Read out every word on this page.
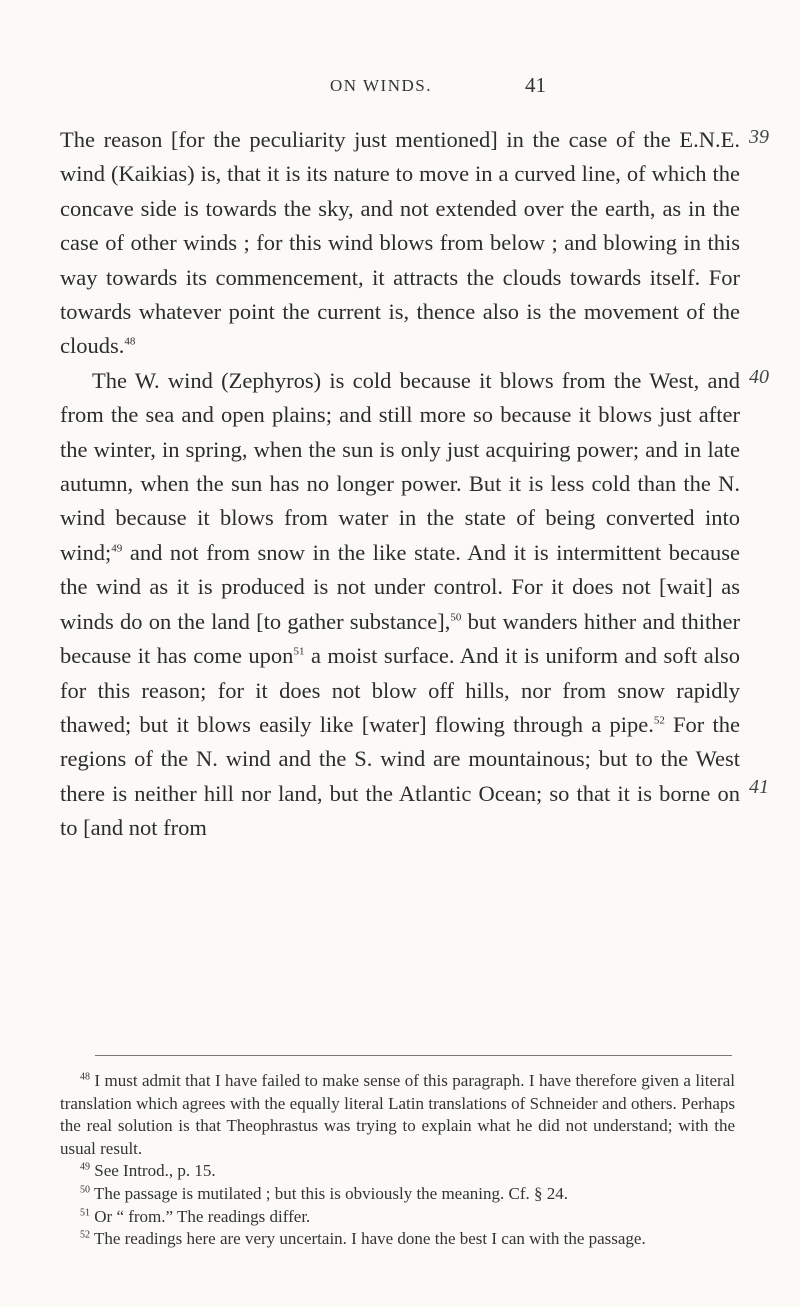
ON WINDS.	41
39
40
41

The reason [for the peculiarity just mentioned] in the case of the E.N.E. wind (Kaikias) is, that it is its nature to move in a curved line, of which the concave side is towards the sky, and not extended over the earth, as in the case of other winds ; for this wind blows from below ; and blowing in this way towards its commencement, it attracts the clouds towards itself. For towards whatever point the current is, thence also is the movement of the clouds.$^{48}$

The W. wind (Zephyros) is cold because it blows from the West, and from the sea and open plains; and still more so because it blows just after the winter, in spring, when the sun is only just acquiring power; and in late autumn, when the sun has no longer power. But it is less cold than the N. wind because it blows from water in the state of being converted into wind;$^{49}$ and not from snow in the like state. And it is intermittent because the wind as it is produced is not under control. For it does not [wait] as winds do on the land [to gather substance],$^{50}$ but wanders hither and thither because it has come upon$^{51}$ a moist surface. And it is uniform and soft also for this reason; for it does not blow off hills, nor from snow rapidly thawed; but it blows easily like [water] flowing through a pipe.$^{52}$ For the regions of the N. wind and the S. wind are mountainous; but to the West there is neither hill nor land, but the Atlantic Ocean; so that it is borne on to [and not from

$^{48}$ I must admit that I have failed to make sense of this paragraph. I have therefore given a literal translation which agrees with the equally literal Latin translations of Schneider and others. Perhaps the real solution is that Theophrastus was trying to explain what he did not understand; with the usual result.

$^{49}$ See Introd., p. 15.

$^{50}$ The passage is mutilated ; but this is obviously the meaning. Cf. § 24.

$^{51}$ Or “ from.” The readings differ.

$^{52}$ The readings here are very uncertain. I have done the best I can with the passage.
